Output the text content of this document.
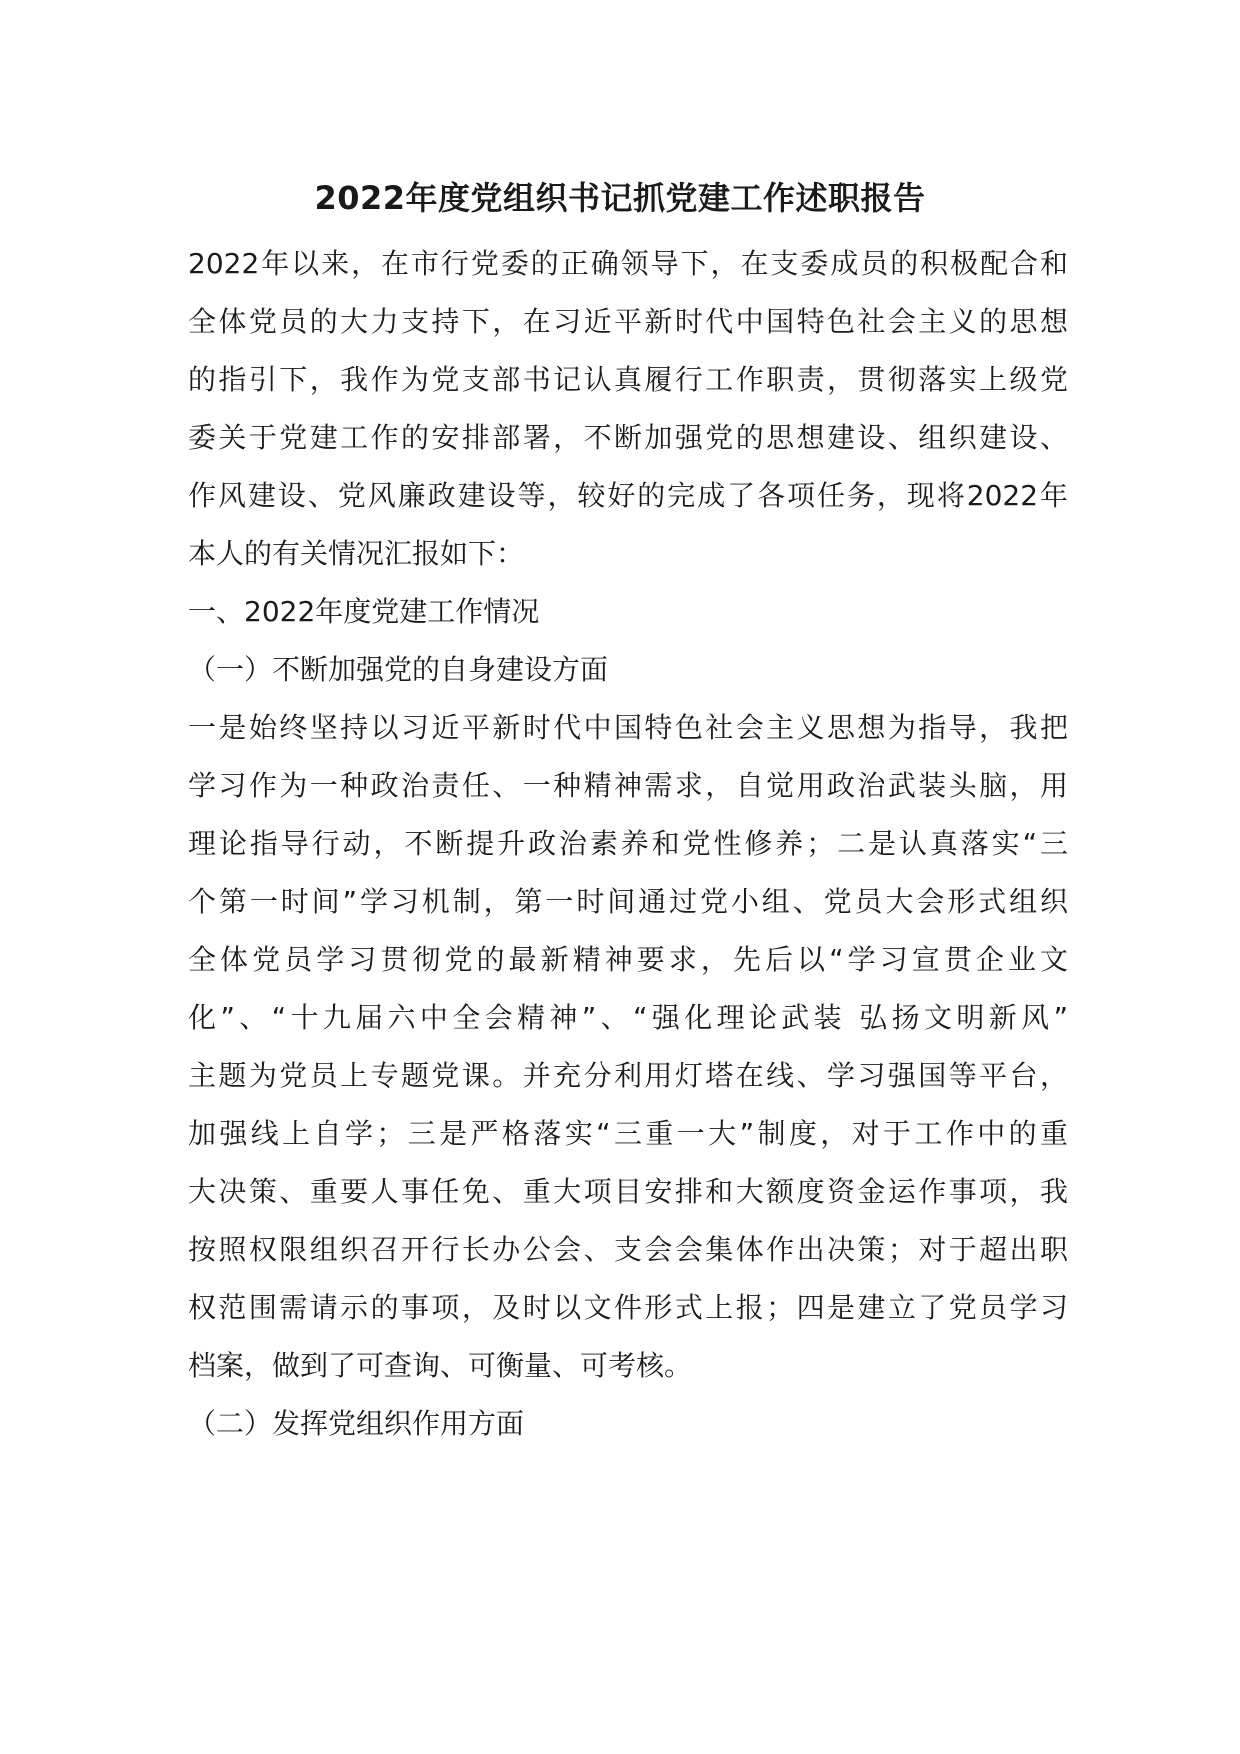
2022年度党组织书记抓党建工作述职报告
2022年以来，在市行党委的正确领导下，在支委成员的积极配合和
全体党员的大力支持下，在习近平新时代中国特色社会主义的思想
的指引下，我作为党支部书记认真履行工作职责，贯彻落实上级党
委关于党建工作的安排部署，不断加强党的思想建设、组织建设、
作风建设、党风廉政建设等，较好的完成了各项任务，现将2022年
本人的有关情况汇报如下：
一、2022年度党建工作情况
（一）不断加强党的自身建设方面
一是始终坚持以习近平新时代中国特色社会主义思想为指导，我把
学习作为一种政治责任、一种精神需求，自觉用政治武装头脑，用
理论指导行动，不断提升政治素养和党性修养；二是认真落实“三
个第一时间”学习机制，第一时间通过党小组、党员大会形式组织
全体党员学习贯彻党的最新精神要求，先后以“学习宣贯企业文
化”、“十九届六中全会精神”、“强化理论武装 弘扬文明新风”
主题为党员上专题党课。并充分利用灯塔在线、学习强国等平台，
加强线上自学；三是严格落实“三重一大”制度，对于工作中的重
大决策、重要人事任免、重大项目安排和大额度资金运作事项，我
按照权限组织召开行长办公会、支会会集体作出决策；对于超出职
权范围需请示的事项，及时以文件形式上报；四是建立了党员学习
档案，做到了可查询、可衡量、可考核。
（二）发挥党组织作用方面
